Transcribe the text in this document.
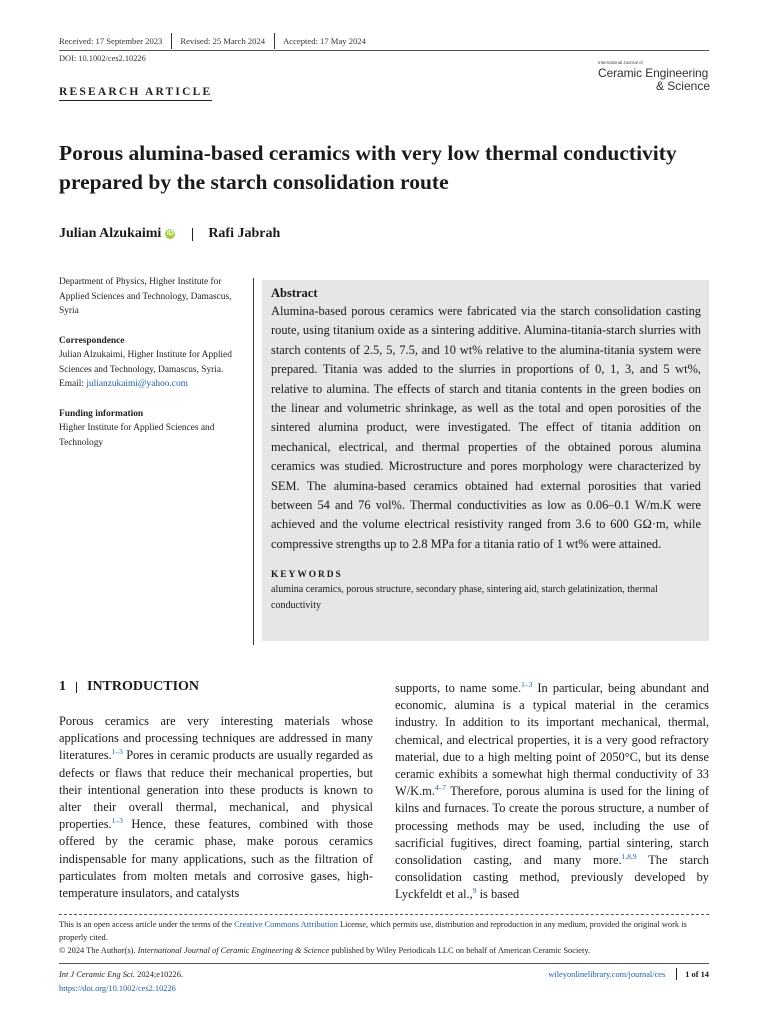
Received: 17 September 2023	Revised: 25 March 2024	Accepted: 17 May 2024
DOI: 10.1002/ces2.10226	International Journal of
Ceramic Engineering
& Science
RESEARCH ARTICLE
Porous alumina-based ceramics with very low thermal conductivity prepared by the starch consolidation route
Julian Alzukaimi iD Rafi Jabrah
Department of Physics, Higher Institute for Applied Sciences and Technology, Damascus, Syria
Correspondence
Julian Alzukaimi, Higher Institute for Applied Sciences and Technology, Damascus, Syria.
Email: julianzukaimi@yahoo.com
Funding information
Higher Institute for Applied Sciences and Technology
Abstract

Alumina-based porous ceramics were fabricated via the starch consolidation casting route, using titanium oxide as a sintering additive. Alumina-titania-starch slurries with starch contents of 2.5, 5, 7.5, and 10 wt% relative to the alumina-titania system were prepared. Titania was added to the slurries in proportions of 0, 1, 3, and 5 wt%, relative to alumina. The effects of starch and titania contents in the green bodies on the linear and volumetric shrinkage, as well as the total and open porosities of the sintered alumina product, were investigated. The effect of titania addition on mechanical, electrical, and thermal properties of the obtained porous alumina ceramics was studied. Microstructure and pores morphology were characterized by SEM. The alumina-based ceramics obtained had external porosities that varied between 54 and 76 vol%. Thermal conductivities as low as 0.06–0.1 W/m.K were achieved and the volume electrical resistivity ranged from 3.6 to 600 GΩ·m, while compressive strengths up to 2.8 MPa for a titania ratio of 1 wt% were attained.

KEYWORDS
alumina ceramics, porous structure, secondary phase, sintering aid, starch gelatinization, thermal conductivity
1 INTRODUCTION

Porous ceramics are very interesting materials whose applications and processing techniques are addressed in many literatures.$^{1-3}$ Pores in ceramic products are usually regarded as defects or flaws that reduce their mechanical properties, but their intentional generation into these products is known to alter their overall thermal, mechanical, and physical properties.$^{1-3}$ Hence, these features, combined with those offered by the ceramic phase, make porous ceramics indispensable for many applications, such as the filtration of particulates from molten metals and corrosive gases, high-temperature insulators, and catalysts

supports, to name some.$^{1-3}$ In particular, being abundant and economic, alumina is a typical material in the ceramics industry. In addition to its important mechanical, thermal, chemical, and electrical properties, it is a very good refractory material, due to a high melting point of 2050°C, but its dense ceramic exhibits a somewhat high thermal conductivity of 33 W/K.m.$^{4-7}$ Therefore, porous alumina is used for the lining of kilns and furnaces. To create the porous structure, a number of processing methods may be used, including the use of sacrificial fugitives, direct foaming, partial sintering, starch consolidation casting, and many more.$^{1,8,9}$ The starch consolidation casting method, previously developed by Lyckfeldt et al.,$^9$ is based

This is an open access article under the terms of the Creative Commons Attribution License, which permits use, distribution and reproduction in any medium, provided the original work is properly cited.
© 2024 The Author(s). International Journal of Ceramic Engineering & Science published by Wiley Periodicals LLC on behalf of American Ceramic Society.
Int J Ceramic Eng Sci. 2024;e10226.
https://doi.org/10.1002/ces2.10226
wileyonlinelibrary.com/journal/ces 1 of 14
